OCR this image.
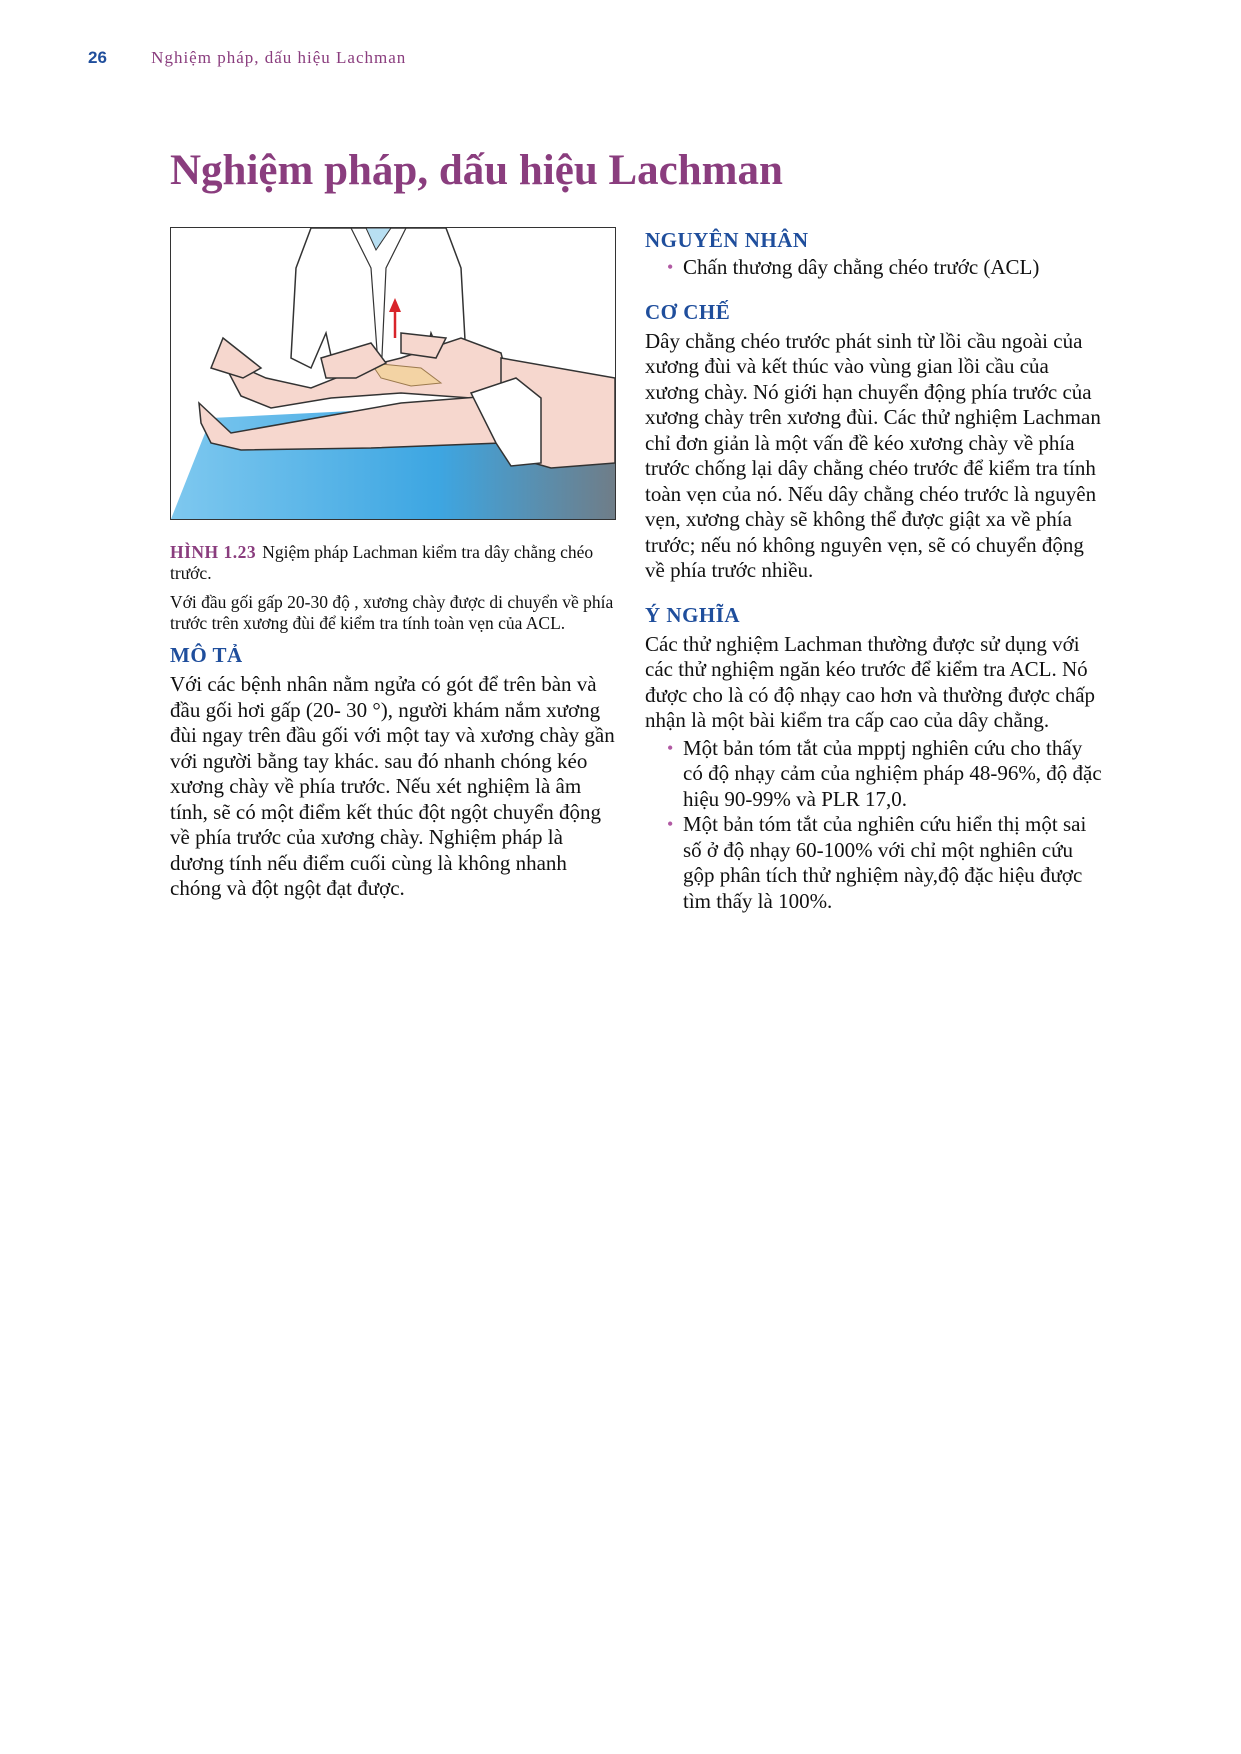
26	Nghiệm pháp, dấu hiệu Lachman
Nghiệm pháp, dấu hiệu Lachman

HÌNH 1.23 Ngiệm pháp Lachman kiểm tra dây chằng chéo trước.

Với đầu gối gấp 20-30 độ , xương chày được di chuyển về phía trước trên xương đùi để kiểm tra tính toàn vẹn của ACL.

MÔ TẢ

Với các bệnh nhân nằm ngửa có gót để trên bàn và đầu gối hơi gấp (20- 30 °), người khám nắm xương đùi ngay trên đầu gối với một tay và xương chày gần với người bằng tay khác. sau đó nhanh chóng kéo xương chày về phía trước. Nếu xét nghiệm là âm tính, sẽ có một điểm kết thúc đột ngột chuyển động về phía trước của xương chày. Nghiệm pháp là dương tính nếu điểm cuối cùng là không nhanh chóng và đột ngột đạt được.

NGUYÊN NHÂN
• Chấn thương dây chằng chéo trước (ACL)
CƠ CHẾ

Dây chằng chéo trước phát sinh từ lồi cầu ngoài của xương đùi và kết thúc vào vùng gian lồi cầu của xương chày. Nó giới hạn chuyển động phía trước của xương chày trên xương đùi. Các thử nghiệm Lachman chỉ đơn giản là một vấn đề kéo xương chày về phía trước chống lại dây chằng chéo trước để kiểm tra tính toàn vẹn của nó. Nếu dây chằng chéo trước là nguyên vẹn, xương chày sẽ không thể được giật xa về phía trước; nếu nó không nguyên vẹn, sẽ có chuyển động về phía trước nhiều.

Ý NGHĨA

Các thử nghiệm Lachman thường được sử dụng với các thử nghiệm ngăn kéo trước để kiểm tra ACL. Nó được cho là có độ nhạy cao hơn và thường được chấp nhận là một bài kiểm tra cấp cao của dây chằng.

• Một bản tóm tắt của mpptj nghiên cứu cho thấy có độ nhạy cảm của nghiệm pháp 48-96%, độ đặc hiệu 90-99% và PLR 17,0.
• Một bản tóm tắt của nghiên cứu hiển thị một sai số ở độ nhạy 60-100% với chỉ một nghiên cứu gộp phân tích thử nghiệm này,độ đặc hiệu được tìm thấy là 100%.
